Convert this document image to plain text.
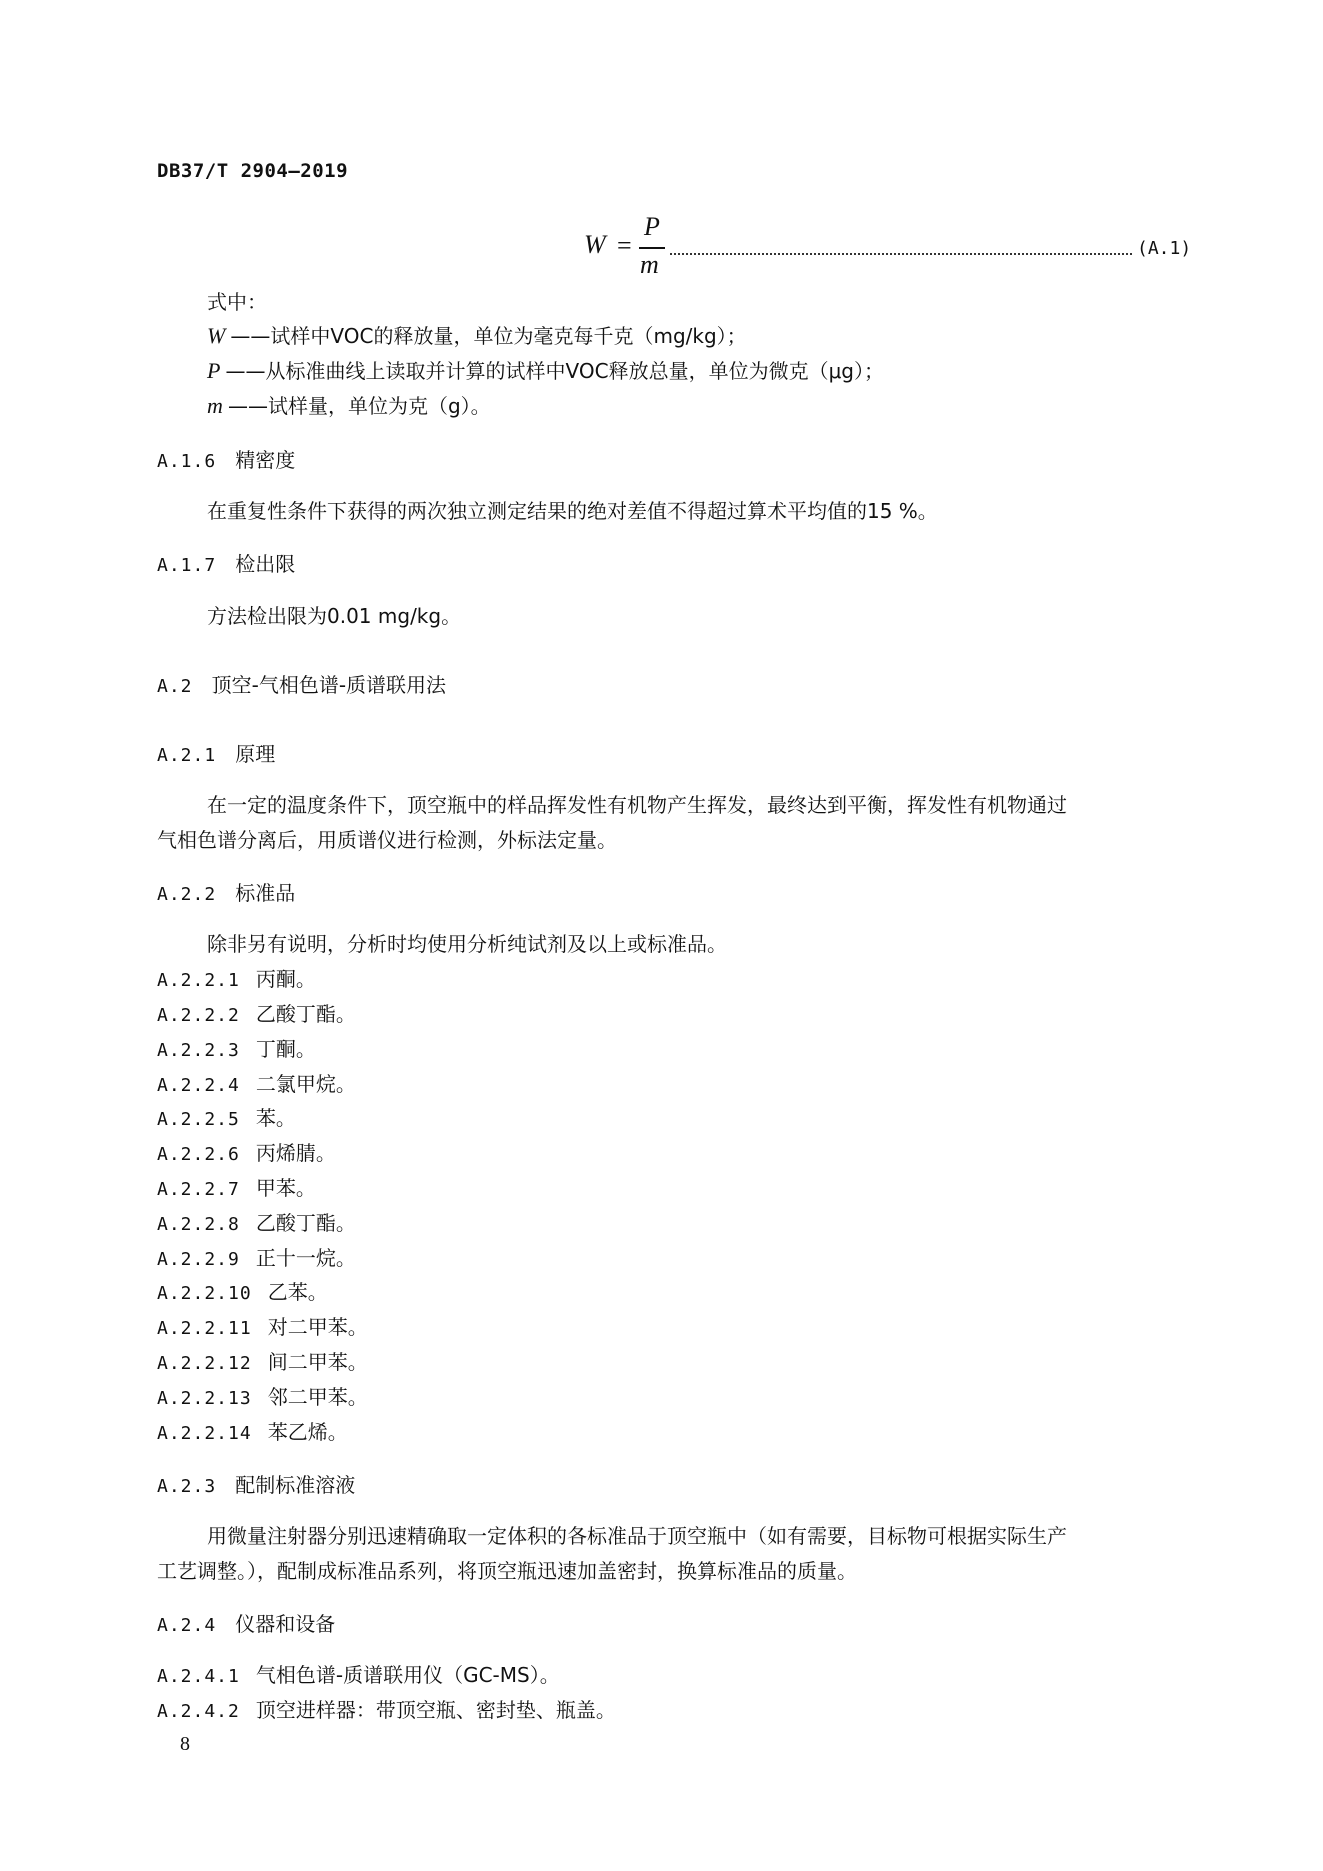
DB37/T 2904—2019
W =
P
m
(A.1)
式中：
W ——试样中VOC的释放量，单位为毫克每千克（mg/kg）；
P ——从标准曲线上读取并计算的试样中VOC释放总量，单位为微克（μg）；
m ——试样量，单位为克（g）。
A.1.6 精密度
在重复性条件下获得的两次独立测定结果的绝对差值不得超过算术平均值的15 %。
A.1.7 检出限
方法检出限为0.01 mg/kg。
A.2 顶空-气相色谱-质谱联用法
A.2.1 原理
在一定的温度条件下，顶空瓶中的样品挥发性有机物产生挥发，最终达到平衡，挥发性有机物通过
气相色谱分离后，用质谱仪进行检测，外标法定量。
A.2.2 标准品
除非另有说明，分析时均使用分析纯试剂及以上或标准品。
A.2.2.1 丙酮。
A.2.2.2 乙酸丁酯。
A.2.2.3 丁酮。
A.2.2.4 二氯甲烷。
A.2.2.5 苯。
A.2.2.6 丙烯腈。
A.2.2.7 甲苯。
A.2.2.8 乙酸丁酯。
A.2.2.9 正十一烷。
A.2.2.10 乙苯。
A.2.2.11 对二甲苯。
A.2.2.12 间二甲苯。
A.2.2.13 邻二甲苯。
A.2.2.14 苯乙烯。
A.2.3 配制标准溶液
用微量注射器分别迅速精确取一定体积的各标准品于顶空瓶中（如有需要，目标物可根据实际生产
工艺调整。），配制成标准品系列，将顶空瓶迅速加盖密封，换算标准品的质量。
A.2.4 仪器和设备
A.2.4.1 气相色谱-质谱联用仪（GC-MS）。
A.2.4.2 顶空进样器：带顶空瓶、密封垫、瓶盖。
8
